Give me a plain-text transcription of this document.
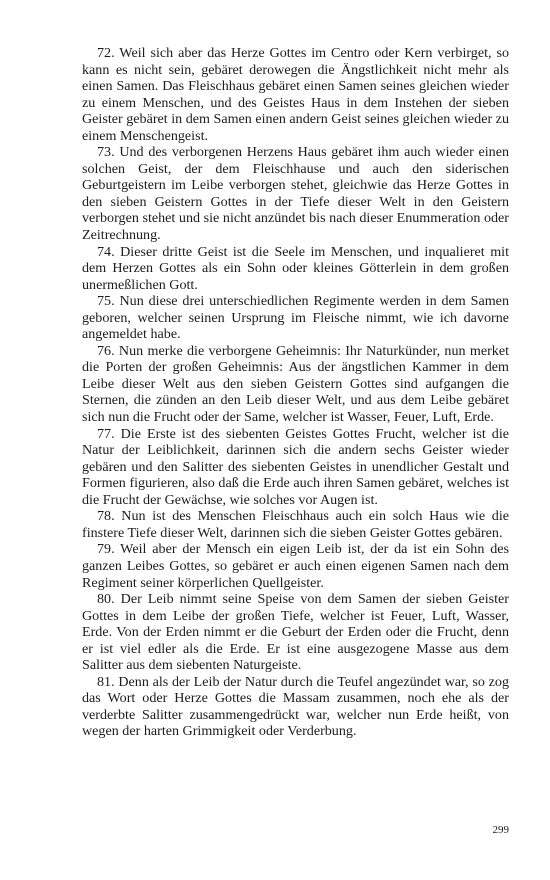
72. Weil sich aber das Herze Gottes im Centro oder Kern verbirget, so kann es nicht sein, gebäret derowegen die Ängstlichkeit nicht mehr als einen Samen. Das Fleischhaus gebäret einen Samen seines gleichen wieder zu einem Menschen, und des Geistes Haus in dem Instehen der sieben Geister gebäret in dem Samen einen andern Geist seines gleichen wieder zu einem Menschengeist.

73. Und des verborgenen Herzens Haus gebäret ihm auch wieder einen solchen Geist, der dem Fleischhause und auch den siderischen Geburtgeistern im Leibe verborgen stehet, gleichwie das Herze Gottes in den sieben Geistern Gottes in der Tiefe dieser Welt in den Geistern verborgen stehet und sie nicht anzündet bis nach dieser Enummeration oder Zeitrechnung.

74. Dieser dritte Geist ist die Seele im Menschen, und inqualieret mit dem Herzen Gottes als ein Sohn oder kleines Götterlein in dem großen unermeßlichen Gott.

75. Nun diese drei unterschiedlichen Regimente werden in dem Samen geboren, welcher seinen Ursprung im Fleische nimmt, wie ich davorne angemeldet habe.

76. Nun merke die verborgene Geheimnis: Ihr Naturkünder, nun merket die Porten der großen Geheimnis: Aus der ängstlichen Kammer in dem Leibe dieser Welt aus den sieben Geistern Gottes sind aufgangen die Sternen, die zünden an den Leib dieser Welt, und aus dem Leibe gebäret sich nun die Frucht oder der Same, welcher ist Wasser, Feuer, Luft, Erde.

77. Die Erste ist des siebenten Geistes Gottes Frucht, welcher ist die Natur der Leiblichkeit, darinnen sich die andern sechs Geister wieder gebären und den Salitter des siebenten Geistes in unendlicher Gestalt und Formen figurieren, also daß die Erde auch ihren Samen gebäret, welches ist die Frucht der Gewächse, wie solches vor Augen ist.

78. Nun ist des Menschen Fleischhaus auch ein solch Haus wie die finstere Tiefe dieser Welt, darinnen sich die sieben Geister Gottes gebären.

79. Weil aber der Mensch ein eigen Leib ist, der da ist ein Sohn des ganzen Leibes Gottes, so gebäret er auch einen eigenen Samen nach dem Regiment seiner körperlichen Quellgeister.

80. Der Leib nimmt seine Speise von dem Samen der sieben Geister Gottes in dem Leibe der großen Tiefe, welcher ist Feuer, Luft, Wasser, Erde. Von der Erden nimmt er die Geburt der Erden oder die Frucht, denn er ist viel edler als die Erde. Er ist eine ausgezogene Masse aus dem Salitter aus dem siebenten Naturgeiste.

81. Denn als der Leib der Natur durch die Teufel angezündet war, so zog das Wort oder Herze Gottes die Massam zusammen, noch ehe als der verderbte Salitter zusammengedrückt war, welcher nun Erde heißt, von wegen der harten Grimmigkeit oder Verderbung.

299
